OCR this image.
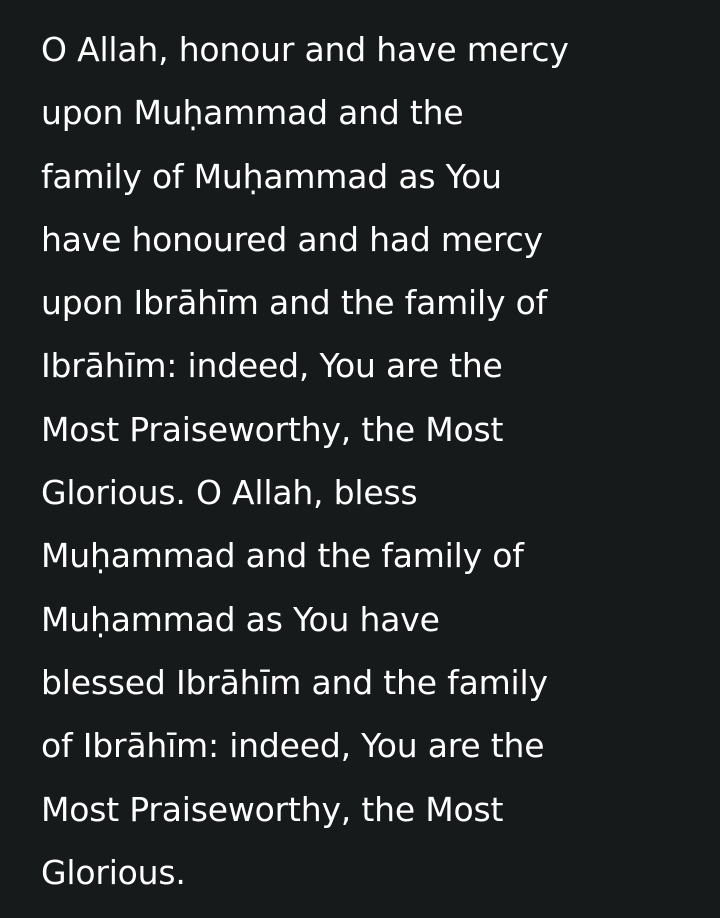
O Allah, honour and have mercy
upon Muḥammad and the
family of Muḥammad as You
have honoured and had mercy
upon Ibrāhīm and the family of
Ibrāhīm: indeed, You are the
Most Praiseworthy, the Most
Glorious. O Allah, bless
Muḥammad and the family of
Muḥammad as You have
blessed Ibrāhīm and the family
of Ibrāhīm: indeed, You are the
Most Praiseworthy, the Most
Glorious.
